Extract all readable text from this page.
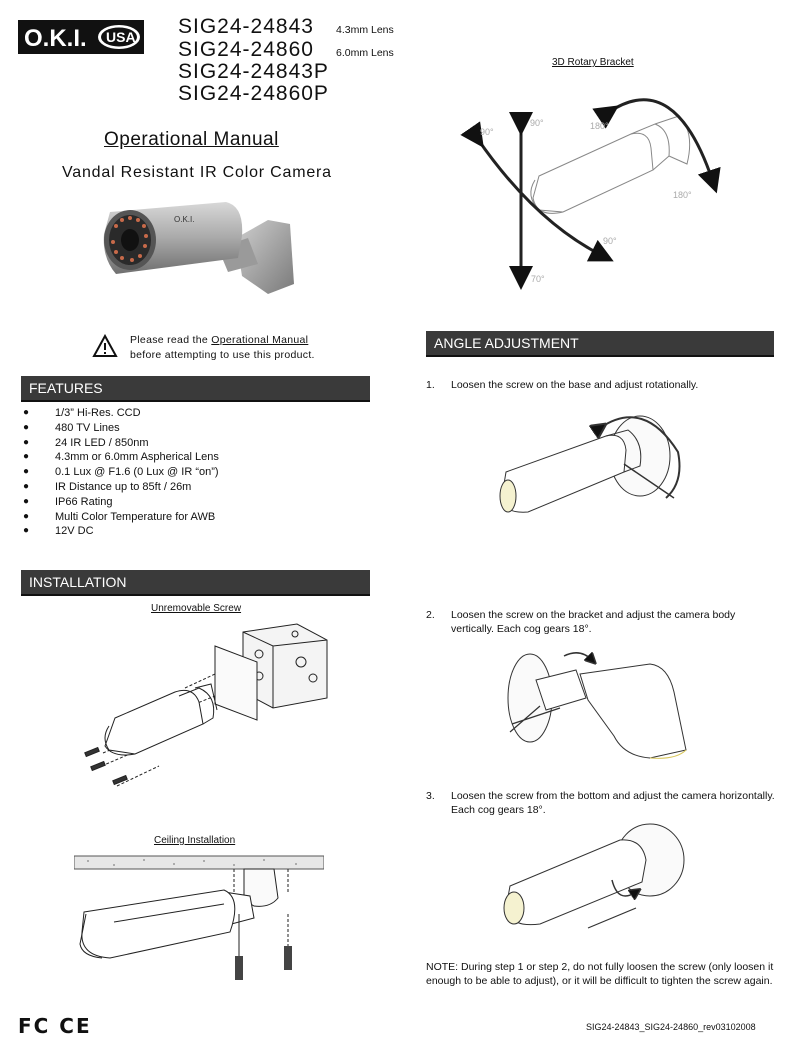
O.K.I. USA SIG24-24843 4.3mm Lens
SIG24-24860 6.0mm Lens
SIG24-24843P
SIG24-24860P
Operational Manual
Vandal Resistant IR Color Camera
O.K.I.
Please read the Operational Manual
before attempting to use this product.
FEATURES
● 1/3” Hi-Res. CCD
● 480 TV Lines
● 24 IR LED / 850nm
● 4.3mm or 6.0mm Aspherical Lens
● 0.1 Lux @ F1.6 (0 Lux @ IR “on”)
● IR Distance up to 85ft / 26m
● IP66 Rating
● Multi Color Temperature for AWB
● 12V DC
INSTALLATION
Unremovable Screw
Ceiling Installation
3D Rotary Bracket
90°
90°	180°
180°
90°
70°
ANGLE ADJUSTMENT
1. Loosen the screw on the base and adjust rotationally.
2. Loosen the screw on the bracket and adjust the camera body vertically. Each cog gears 18°.
3. Loosen the screw from the bottom and adjust the camera horizontally. Each cog gears 18°.
NOTE: During step 1 or step 2, do not fully loosen the screw (only loosen it enough to be able to adjust), or it will be difficult to tighten the screw again.
FC CE	SIG24-24843_SIG24-24860_rev03102008
